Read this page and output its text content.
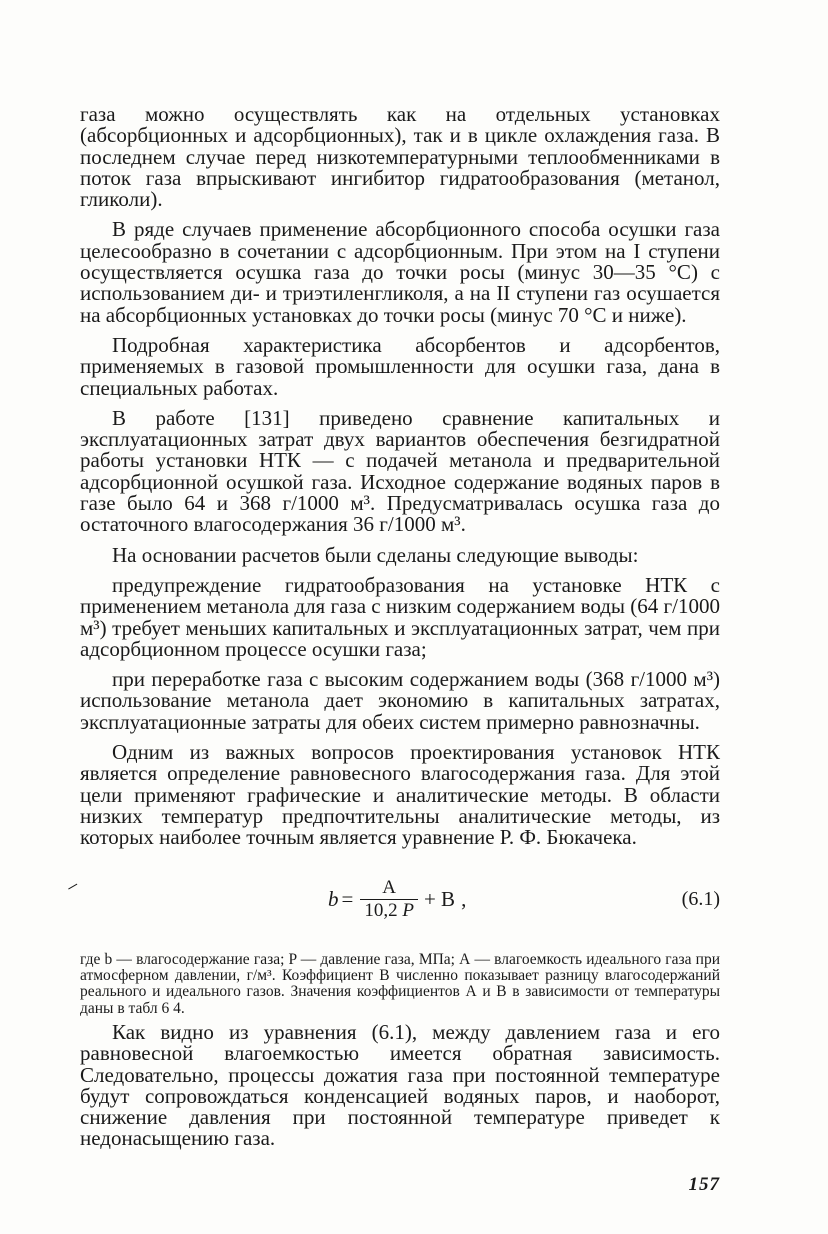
газа можно осуществлять как на отдельных установках (абсорбционных и адсорбционных), так и в цикле охлаждения газа. В последнем случае перед низкотемпературными теплообменниками в поток газа впрыскивают ингибитор гидратообразования (метанол, гликоли).

В ряде случаев применение абсорбционного способа осушки газа целесообразно в сочетании с адсорбционным. При этом на I ступени осуществляется осушка газа до точки росы (минус 30—35 °С) с использованием ди- и триэтиленгликоля, а на II ступени газ осушается на абсорбционных установках до точки росы (минус 70 °С и ниже).

Подробная характеристика абсорбентов и адсорбентов, применяемых в газовой промышленности для осушки газа, дана в специальных работах.

В работе [131] приведено сравнение капитальных и эксплуатационных затрат двух вариантов обеспечения безгидратной работы установки НТК — с подачей метанола и предварительной адсорбционной осушкой газа. Исходное содержание водяных паров в газе было 64 и 368 г/1000 м³. Предусматривалась осушка газа до остаточного влагосодержания 36 г/1000 м³.

На основании расчетов были сделаны следующие выводы:

предупреждение гидратообразования на установке НТК с применением метанола для газа с низким содержанием воды (64 г/1000 м³) требует меньших капитальных и эксплуатационных затрат, чем при адсорбционном процессе осушки газа;
при переработке газа с высоким содержанием воды (368 г/1000 м³) использование метанола дает экономию в капитальных затратах, эксплуатационные затраты для обеих систем примерно равнозначны.

Одним из важных вопросов проектирования установок НТК является определение равновесного влагосодержания газа. Для этой цели применяют графические и аналитические методы. В области низких температур предпочтительны аналитические методы, из которых наиболее точным является уравнение Р. Ф. Бюкачека.

$b = \frac{А}{10,2 P} + В$ ,	(6.1)

где b — влагосодержание газа; P — давление газа, МПа; А — влагоемкость идеального газа при атмосферном давлении, г/м³. Коэффициент В численно показывает разницу влагосодержаний реального и идеального газов. Значения коэффициентов А и В в зависимости от температуры даны в табл 6 4.

Как видно из уравнения (6.1), между давлением газа и его равновесной влагоемкостью имеется обратная зависимость. Следовательно, процессы дожатия газа при постоянной температуре будут сопровождаться конденсацией водяных паров, и наоборот, снижение давления при постоянной температуре приведет к недонасыщению газа.

157
